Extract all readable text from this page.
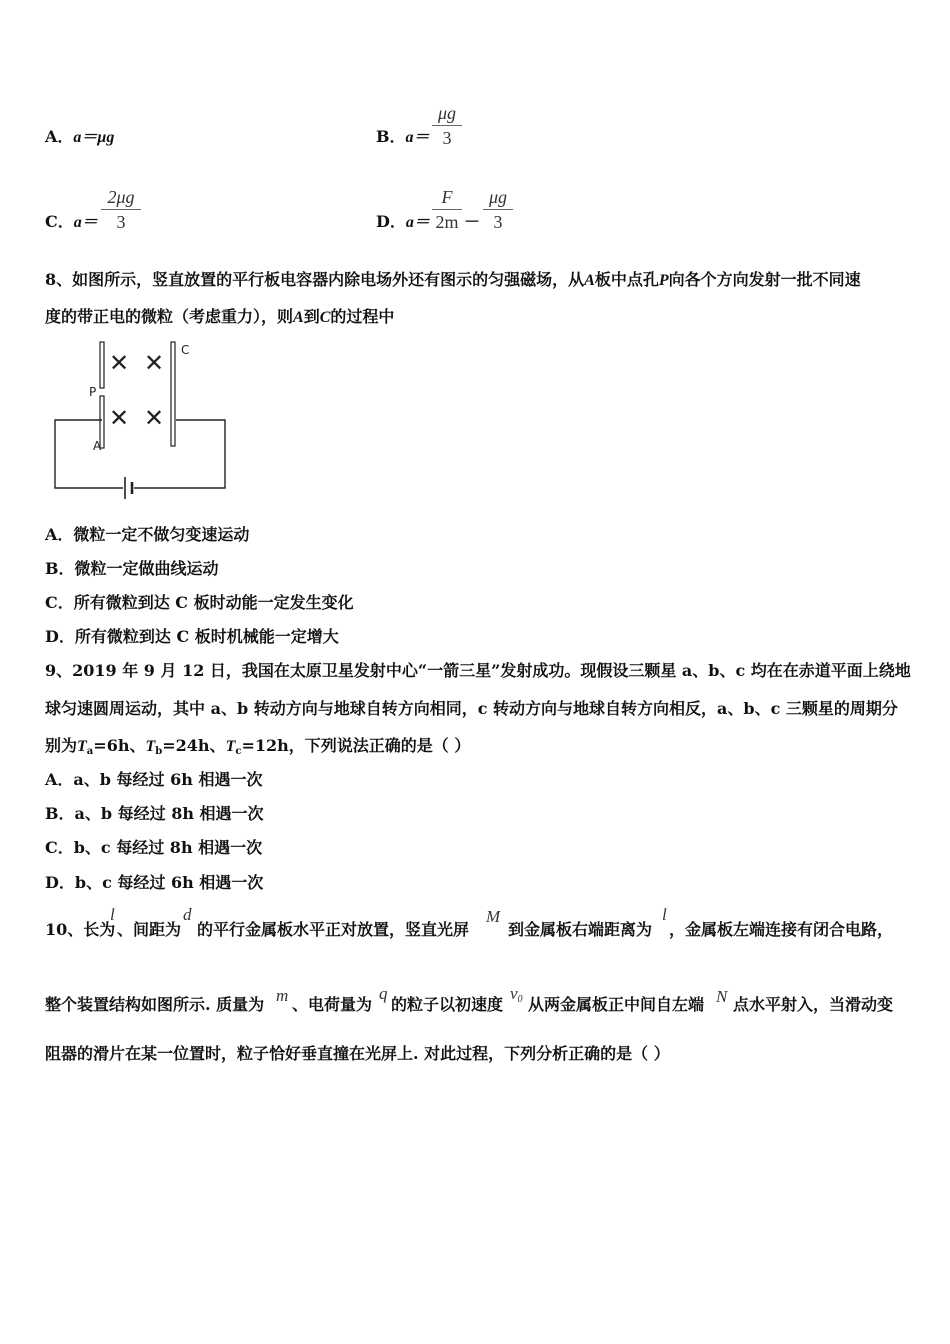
A．a＝μg	B．a＝
μg
3
C．a＝
2μg
3	D．a＝
F
2m －
μg
3
8、如图所示，竖直放置的平行板电容器内除电场外还有图示的匀强磁场，从A板中点孔P向各个方向发射一批不同速
度的带正电的微粒（考虑重力），则A到C的过程中
✕ ✕
✕ ✕
C
P
A
A．微粒一定不做匀变速运动
B．微粒一定做曲线运动
C．所有微粒到达 C 板时动能一定发生变化
D．所有微粒到达 C 板时机械能一定增大
9、2019 年 9 月 12 日，我国在太原卫星发射中心“一箭三星”发射成功。现假设三颗星 a、b、c 均在在赤道平面上绕地
球匀速圆周运动，其中 a、b 转动方向与地球自转方向相同，c 转动方向与地球自转方向相反，a、b、c 三颗星的周期分
别为$T_a=6h$、$T_b=24h$、$T_c=12h$，下列说法正确的是（ ）
A．a、b 每经过 6h 相遇一次
B．a、b 每经过 8h 相遇一次
C．b、c 每经过 8h 相遇一次
D．b、c 每经过 6h 相遇一次
10、长为
l
、间距为
d
的平行金属板水平正对放置，竖直光屏
M
到金属板右端距离为
l
，金属板左端连接有闭合电路，
整个装置结构如图所示. 质量为 m 、电荷量为
q
的粒子以初速度
$v_0$ 从两金属板正中间自左端 N 点水平射入，当滑动变
阻器的滑片在某一位置时，粒子恰好垂直撞在光屏上. 对此过程，下列分析正确的是（ ）
